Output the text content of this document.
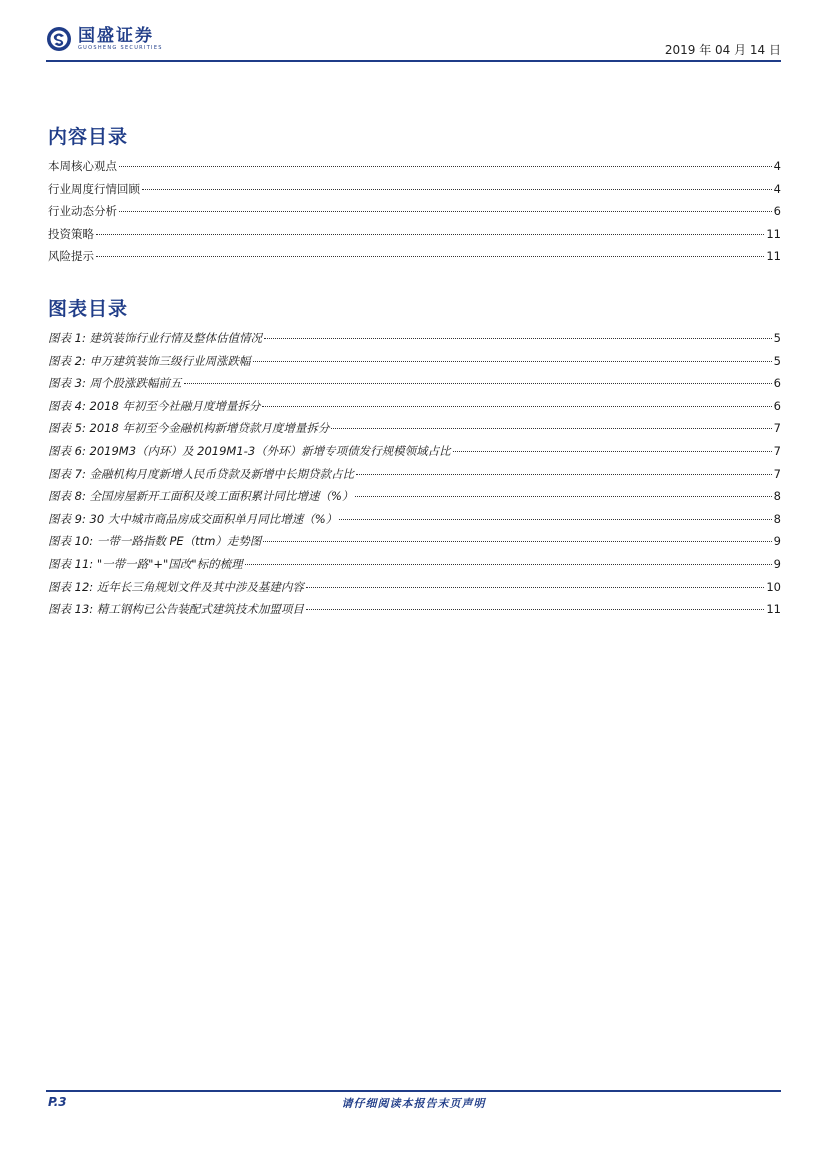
国盛证券
GUOSHENG SECURITIES	2019 年 04 月 14 日
内容目录
本周核心观点	4
行业周度行情回顾	4
行业动态分析	6
投资策略	11
风险提示	11
图表目录
图表 1: 建筑装饰行业行情及整体估值情况	5
图表 2: 申万建筑装饰三级行业周涨跌幅	5
图表 3: 周个股涨跌幅前五	6
图表 4: 2018 年初至今社融月度增量拆分	6
图表 5: 2018 年初至今金融机构新增贷款月度增量拆分	7
图表 6: 2019M3（内环）及 2019M1-3（外环）新增专项债发行规模领域占比	7
图表 7: 金融机构月度新增人民币贷款及新增中长期贷款占比	7
图表 8: 全国房屋新开工面积及竣工面积累计同比增速（%）	8
图表 9: 30 大中城市商品房成交面积单月同比增速（%）	8
图表 10: 一带一路指数 PE（ttm）走势图	9
图表 11: "一带一路"+"国改"标的梳理	9
图表 12: 近年长三角规划文件及其中涉及基建内容	10
图表 13: 精工钢构已公告装配式建筑技术加盟项目	11
请仔细阅读本报告末页声明
P.3
